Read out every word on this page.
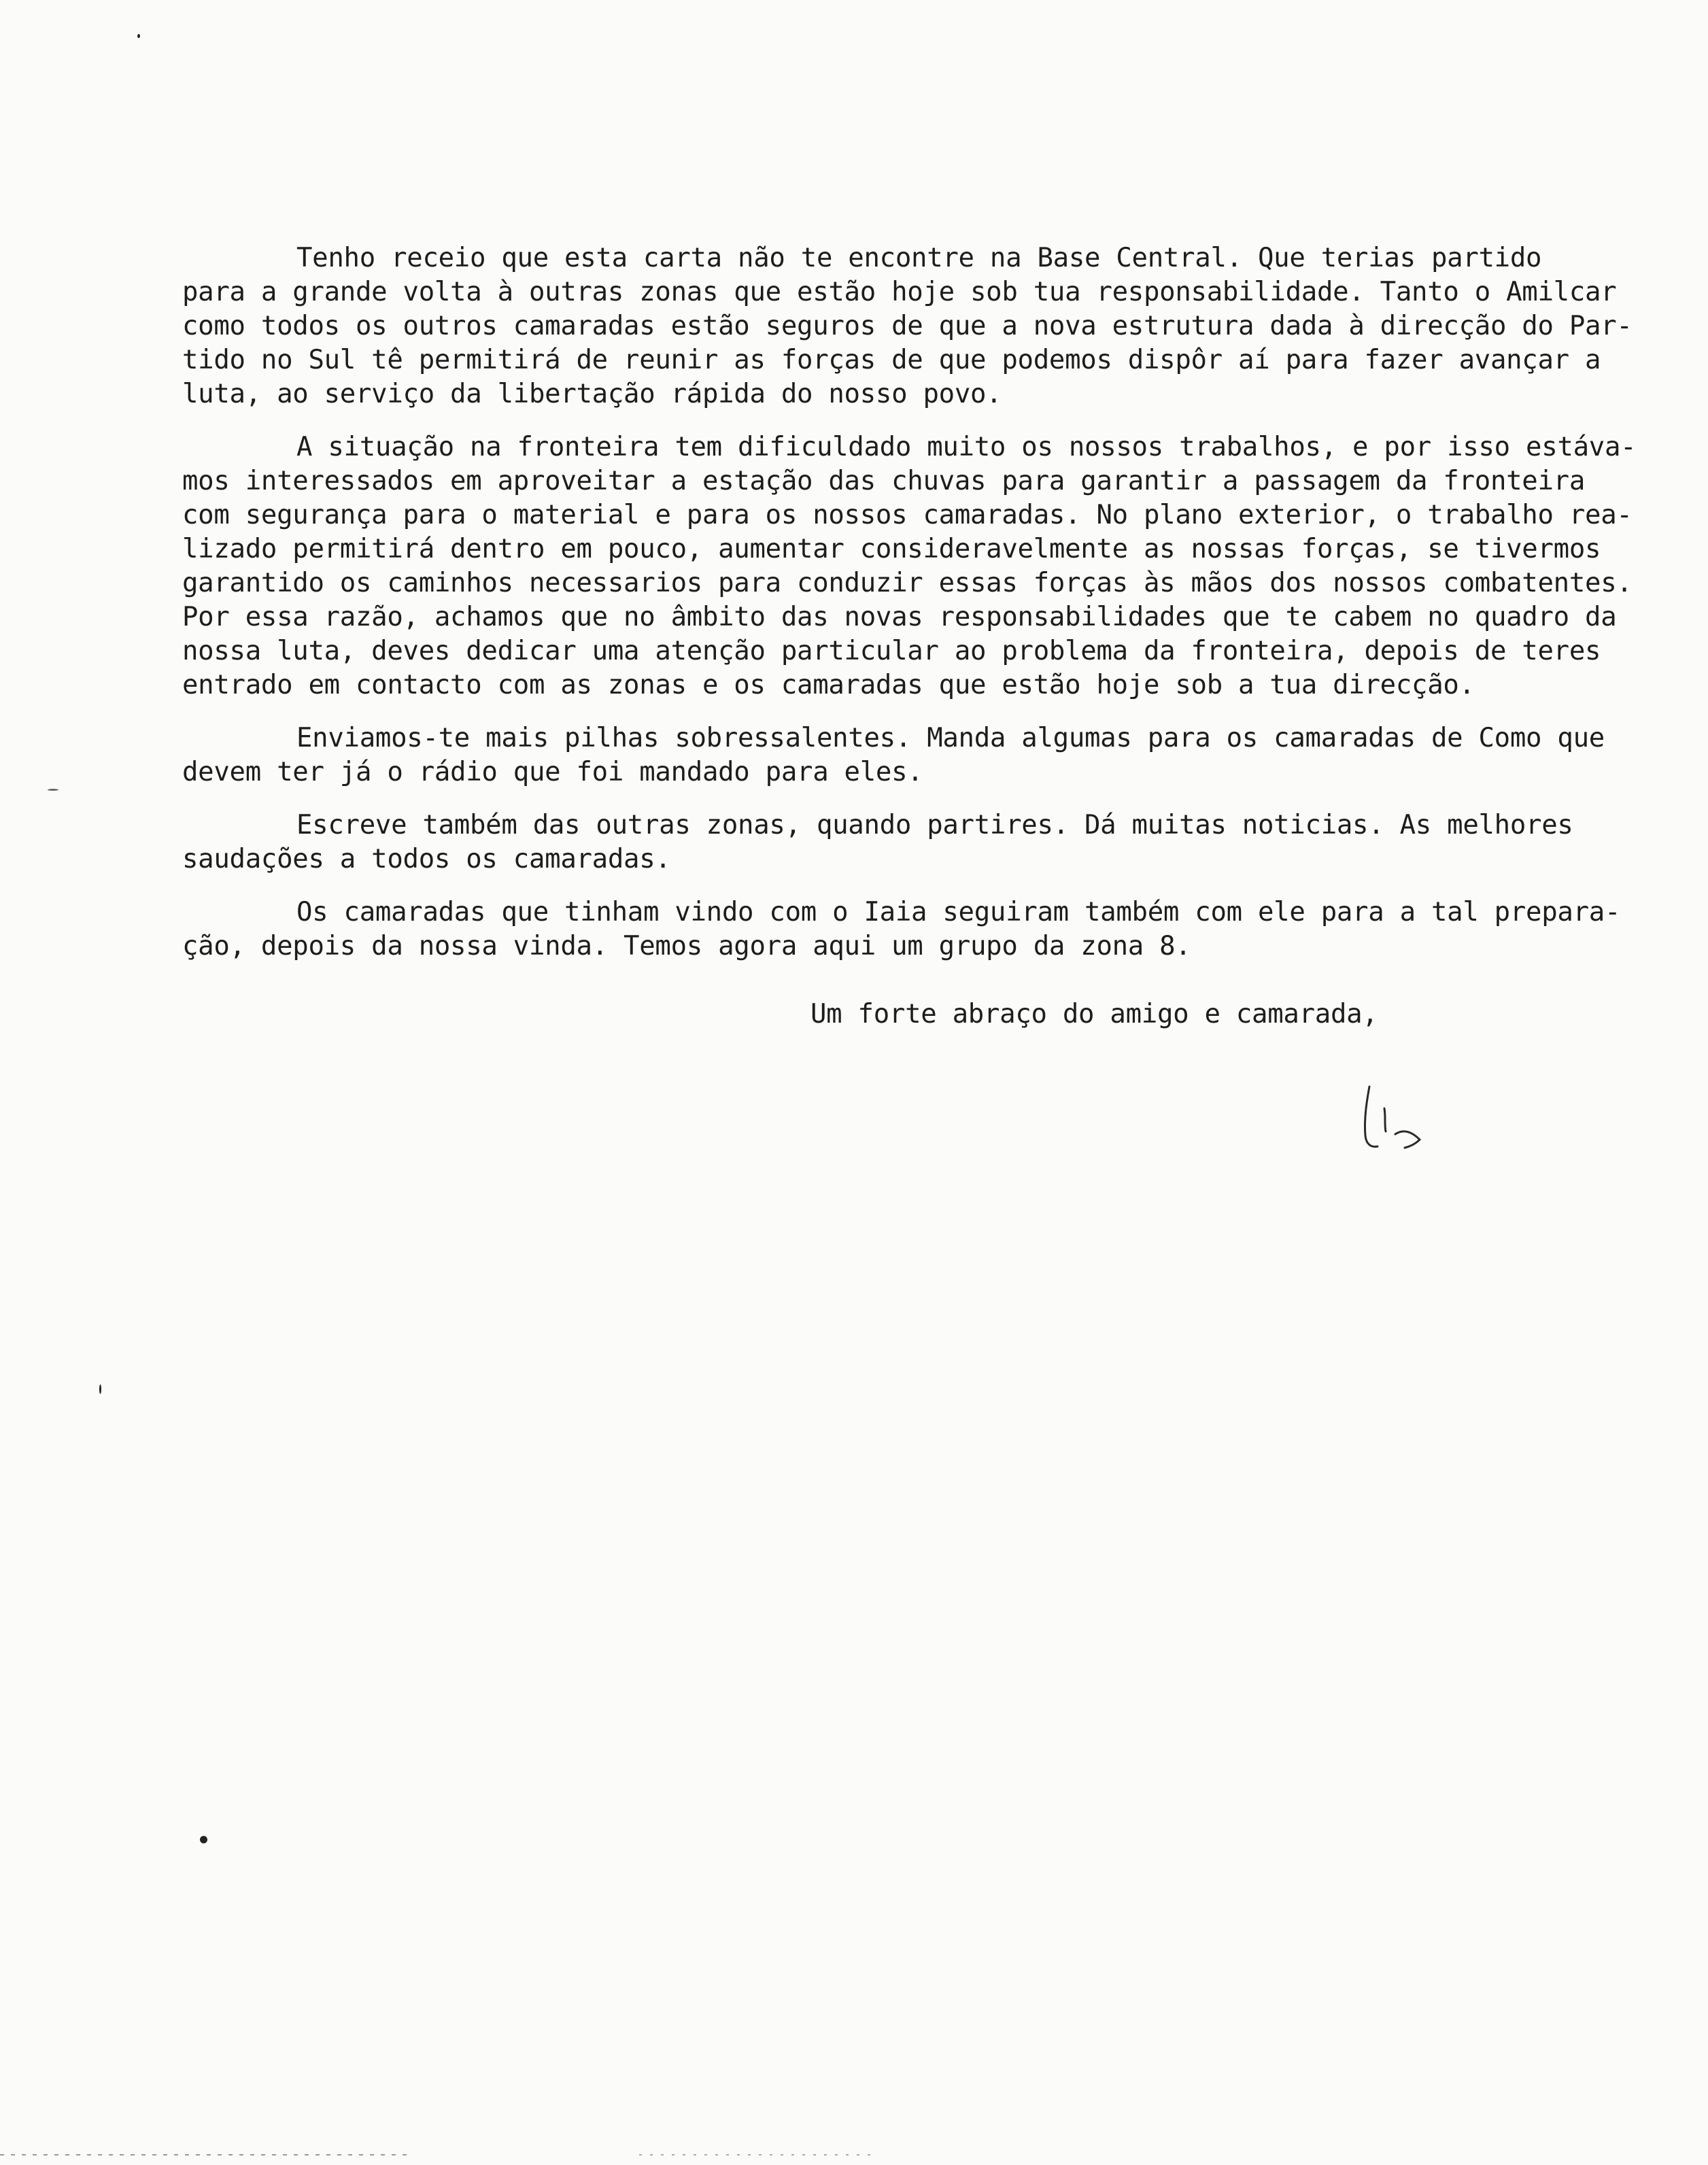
Tenho receio que esta carta não te encontre na Base Central. Que terias partido
para a grande volta à outras zonas que estão hoje sob tua responsabilidade. Tanto o Amilcar
como todos os outros camaradas estão seguros de que a nova estrutura dada à direcção do Par-
tido no Sul tê permitirá de reunir as forças de que podemos dispôr aí para fazer avançar a
luta, ao serviço da libertação rápida do nosso povo.
A situação na fronteira tem dificuldado muito os nossos trabalhos, e por isso estáva-
mos interessados em aproveitar a estação das chuvas para garantir a passagem da fronteira
com segurança para o material e para os nossos camaradas. No plano exterior, o trabalho rea-
lizado permitirá dentro em pouco, aumentar consideravelmente as nossas forças, se tivermos
garantido os caminhos necessarios para conduzir essas forças às mãos dos nossos combatentes.
Por essa razão, achamos que no âmbito das novas responsabilidades que te cabem no quadro da
nossa luta, deves dedicar uma atenção particular ao problema da fronteira, depois de teres
entrado em contacto com as zonas e os camaradas que estão hoje sob a tua direcção.
Enviamos-te mais pilhas sobressalentes. Manda algumas para os camaradas de Como que
devem ter já o rádio que foi mandado para eles.
Escreve também das outras zonas, quando partires. Dá muitas noticias. As melhores
saudações a todos os camaradas.
Os camaradas que tinham vindo com o Iaia seguiram também com ele para a tal prepara-
ção, depois da nossa vinda. Temos agora aqui um grupo da zona 8.
Um forte abraço do amigo e camarada,
